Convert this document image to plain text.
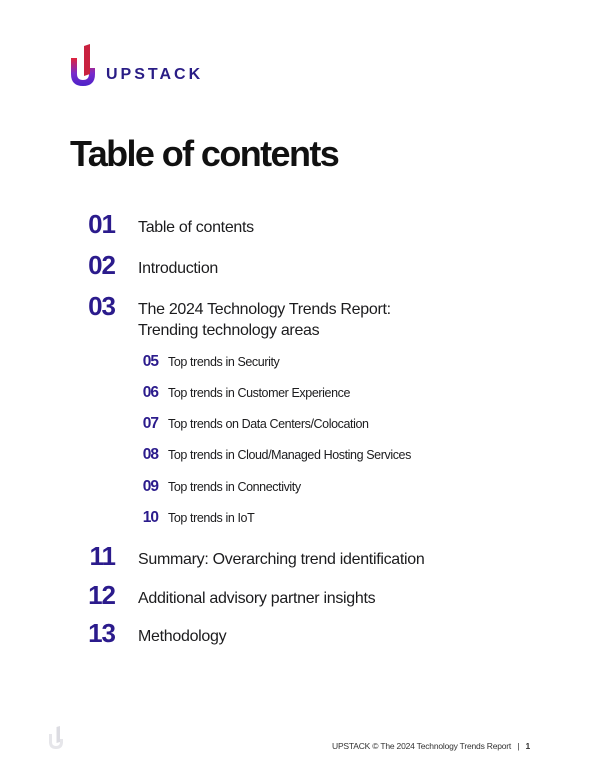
UPSTACK
Table of contents
01 Table of contents
02 Introduction
03 The 2024 Technology Trends Report:
Trending technology areas
05 Top trends in Security
06 Top trends in Customer Experience
07 Top trends on Data Centers/Colocation
08 Top trends in Cloud/Managed Hosting Services
09 Top trends in Connectivity
10 Top trends in IoT
11 Summary: Overarching trend identification
12 Additional advisory partner insights
13 Methodology
UPSTACK © The 2024 Technology Trends Report | 1
